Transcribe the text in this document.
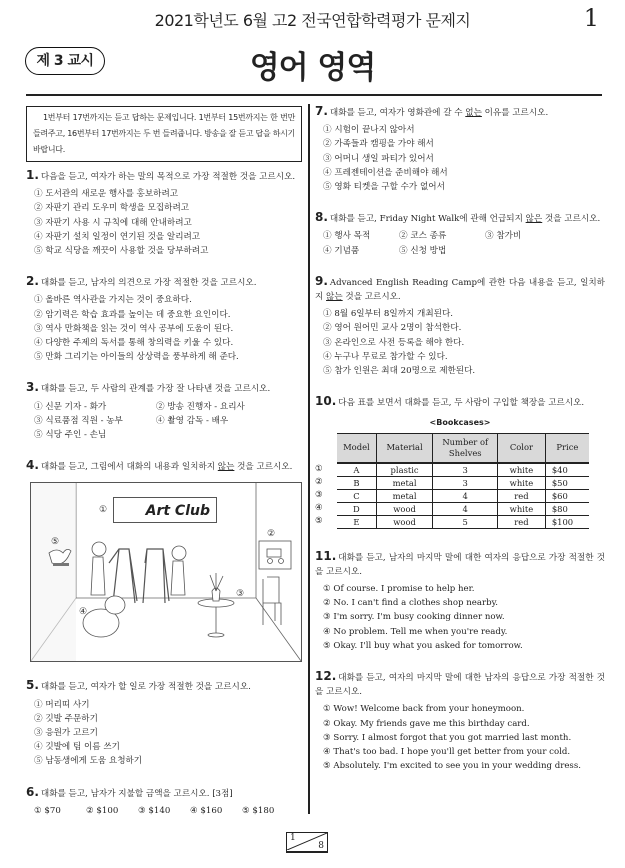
2021학년도 6월 고2 전국연합학력평가 문제지	1
제 3 교시	영어 영역
1번부터 17번까지는 듣고 답하는 문제입니다. 1번부터 15번까지는 한 번만 들려주고, 16번부터 17번까지는 두 번 들려줍니다. 방송을 잘 듣고 답을 하시기 바랍니다.
1. 다음을 듣고, 여자가 하는 말의 목적으로 가장 적절한 것을 고르시오.
① 도서관의 새로운 행사를 홍보하려고
② 자판기 관리 도우미 학생을 모집하려고
③ 자판기 사용 시 규칙에 대해 안내하려고
④ 자판기 설치 일정이 연기된 것을 알리려고
⑤ 학교 식당을 깨끗이 사용할 것을 당부하려고
2. 대화를 듣고, 남자의 의견으로 가장 적절한 것을 고르시오.
① 올바른 역사관을 가지는 것이 중요하다.
② 암기력은 학습 효과를 높이는 데 중요한 요인이다.
③ 역사 만화책을 읽는 것이 역사 공부에 도움이 된다.
④ 다양한 주제의 독서를 통해 창의력을 키울 수 있다.
⑤ 만화 그리기는 아이들의 상상력을 풍부하게 해 준다.
3. 대화를 듣고, 두 사람의 관계를 가장 잘 나타낸 것을 고르시오.
① 신문 기자 - 화가	② 방송 진행자 - 요리사
③ 식료품점 직원 - 농부	④ 촬영 감독 - 배우
⑤ 식당 주인 - 손님
4. 대화를 듣고, 그림에서 대화의 내용과 일치하지 않는 것을 고르시오.
Art Club
①
②
③
④
⑤
5. 대화를 듣고, 여자가 할 일로 가장 적절한 것을 고르시오.
① 머리띠 사기
② 깃발 주문하기
③ 응원가 고르기
④ 깃발에 팀 이름 쓰기
⑤ 남동생에게 도움 요청하기
6. 대화를 듣고, 남자가 지불할 금액을 고르시오. [3점]
① $70	② $100	③ $140	④ $160	⑤ $180
7. 대화를 듣고, 여자가 영화관에 갈 수 없는 이유를 고르시오.
① 시험이 끝나지 않아서
② 가족들과 캠핑을 가야 해서
③ 어머니 생일 파티가 있어서
④ 프레젠테이션을 준비해야 해서
⑤ 영화 티켓을 구할 수가 없어서
8. 대화를 듣고, Friday Night Walk에 관해 언급되지 않은 것을 고르시오.
① 행사 목적	② 코스 종류	③ 참가비
④ 기념품	⑤ 신청 방법
9. Advanced English Reading Camp에 관한 다음 내용을 듣고, 일치하지 않는 것을 고르시오.
① 8월 6일부터 8일까지 개최된다.
② 영어 원어민 교사 2명이 참석한다.
③ 온라인으로 사전 등록을 해야 한다.
④ 누구나 무료로 참가할 수 있다.
⑤ 참가 인원은 최대 20명으로 제한된다.
10. 다음 표를 보면서 대화를 듣고, 두 사람이 구입할 책장을 고르시오.
<Bookcases>
①
②
③
④
⑤
Model	Material	Number of Shelves	Color	Price
A	plastic	3	white	$40
B	metal	3	white	$50
C	metal	4	red	$60
D	wood	4	white	$80
E	wood	5	red	$100
11. 대화를 듣고, 남자의 마지막 말에 대한 여자의 응답으로 가장 적절한 것을 고르시오.
① Of course. I promise to help her.
② No. I can't find a clothes shop nearby.
③ I'm sorry. I'm busy cooking dinner now.
④ No problem. Tell me when you're ready.
⑤ Okay. I'll buy what you asked for tomorrow.
12. 대화를 듣고, 여자의 마지막 말에 대한 남자의 응답으로 가장 적절한 것을 고르시오.
① Wow! Welcome back from your honeymoon.
② Okay. My friends gave me this birthday card.
③ Sorry. I almost forgot that you got married last month.
④ That's too bad. I hope you'll get better from your cold.
⑤ Absolutely. I'm excited to see you in your wedding dress.
1
8
